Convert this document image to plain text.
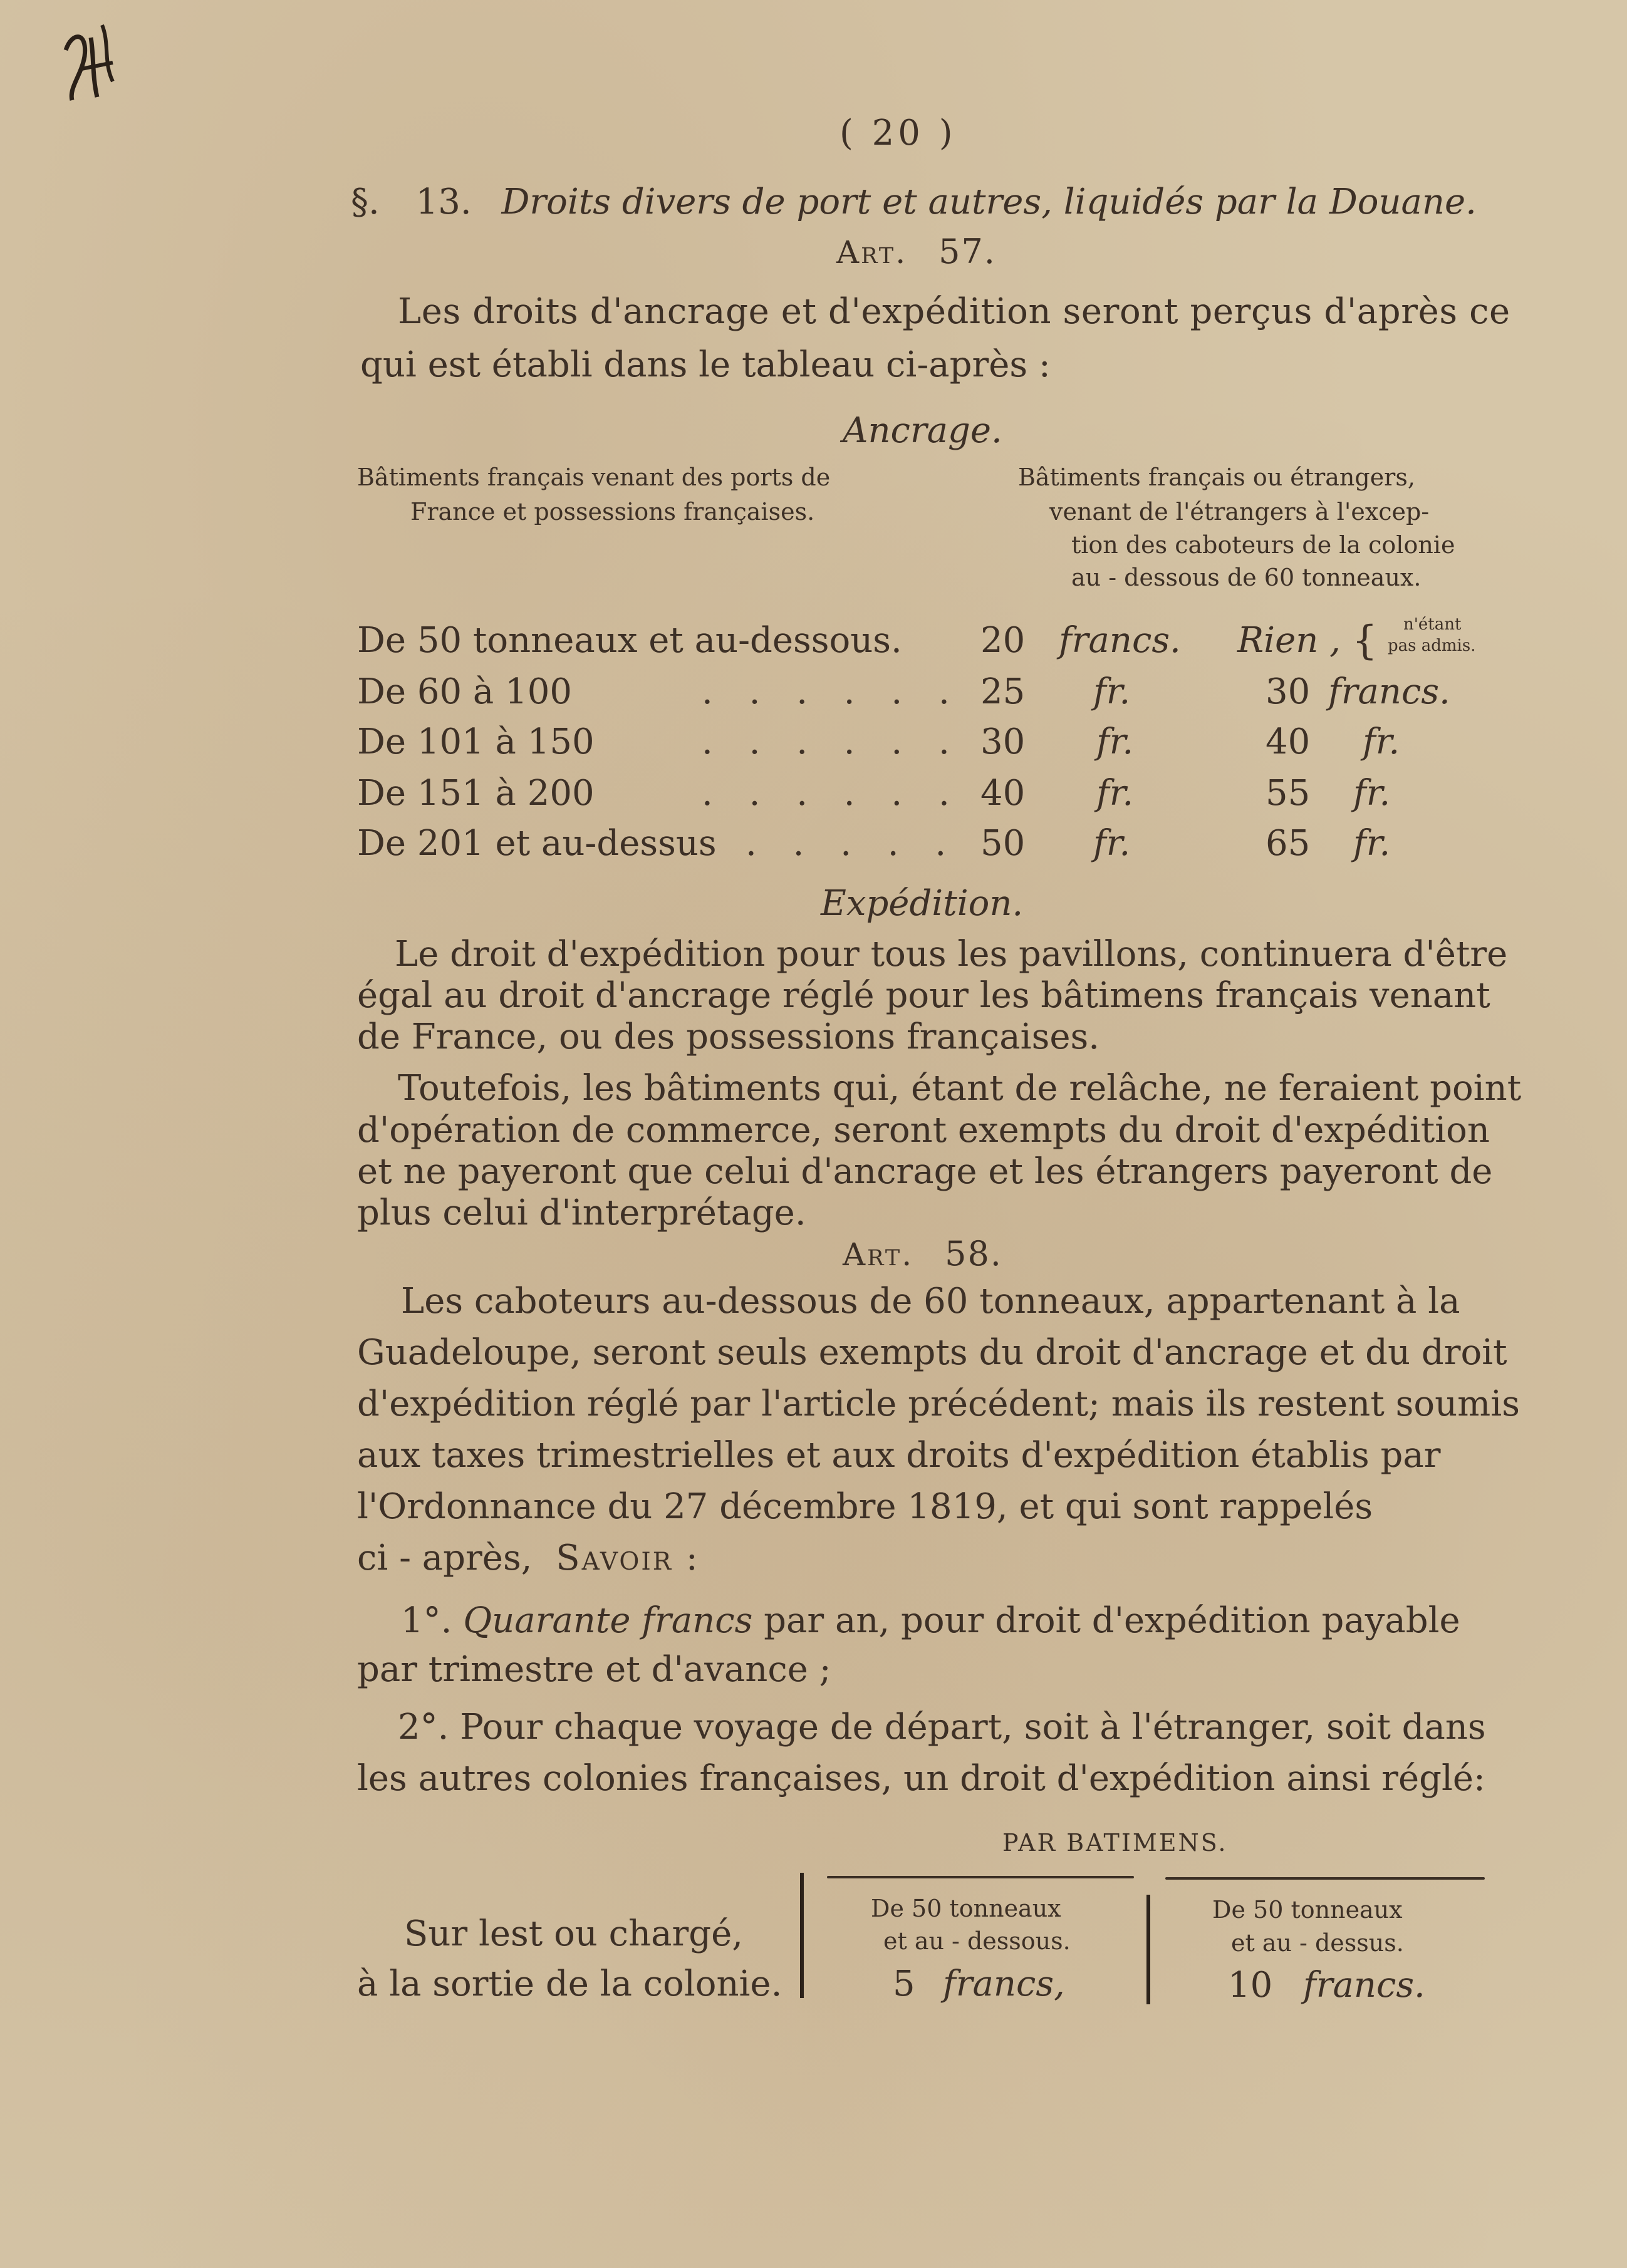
( 20 )
§. 13. Droits divers de port et autres, liquidés par la Douane.
Art. 57.
Les droits d'ancrage et d'expédition seront perçus d'après ce
qui est établi dans le tableau ci-après :
Ancrage.
Bâtiments français venant des ports de
France et possessions françaises.
Bâtiments français ou étrangers,
venant de l'étrangers à l'excep-
tion des caboteurs de la colonie
au - dessous de 60 tonneaux.
De 50 tonneaux et au-dessous. 20 francs. Rien , { n'étant
pas admis.
De 60 à 100	. . . . . . 25 fr.	30 francs.
De 101 à 150	. . . . . . 30 fr.	40 fr.
De 151 à 200	. . . . . . 40 fr.	55 fr.
De 201 et au-dessus . . . . . 50 fr.	65 fr.
Expédition.
Le droit d'expédition pour tous les pavillons, continuera d'être
égal au droit d'ancrage réglé pour les bâtimens français venant
de France, ou des possessions françaises.
Toutefois, les bâtiments qui, étant de relâche, ne feraient point
d'opération de commerce, seront exempts du droit d'expédition
et ne payeront que celui d'ancrage et les étrangers payeront de
plus celui d'interprétage.
Art. 58.
Les caboteurs au-dessous de 60 tonneaux, appartenant à la
Guadeloupe, seront seuls exempts du droit d'ancrage et du droit
d'expédition réglé par l'article précédent; mais ils restent soumis
aux taxes trimestrielles et aux droits d'expédition établis par
l'Ordonnance du 27 décembre 1819, et qui sont rappelés
ci - après, Savoir :
1°. Quarante francs par an, pour droit d'expédition payable
par trimestre et d'avance ;
2°. Pour chaque voyage de départ, soit à l'étranger, soit dans
les autres colonies françaises, un droit d'expédition ainsi réglé:
PAR BATIMENS.
Sur lest ou chargé,
à la sortie de la colonie.
De 50 tonneaux
et au - dessous.
5 francs,
De 50 tonneaux
et au - dessus.
10 francs.
